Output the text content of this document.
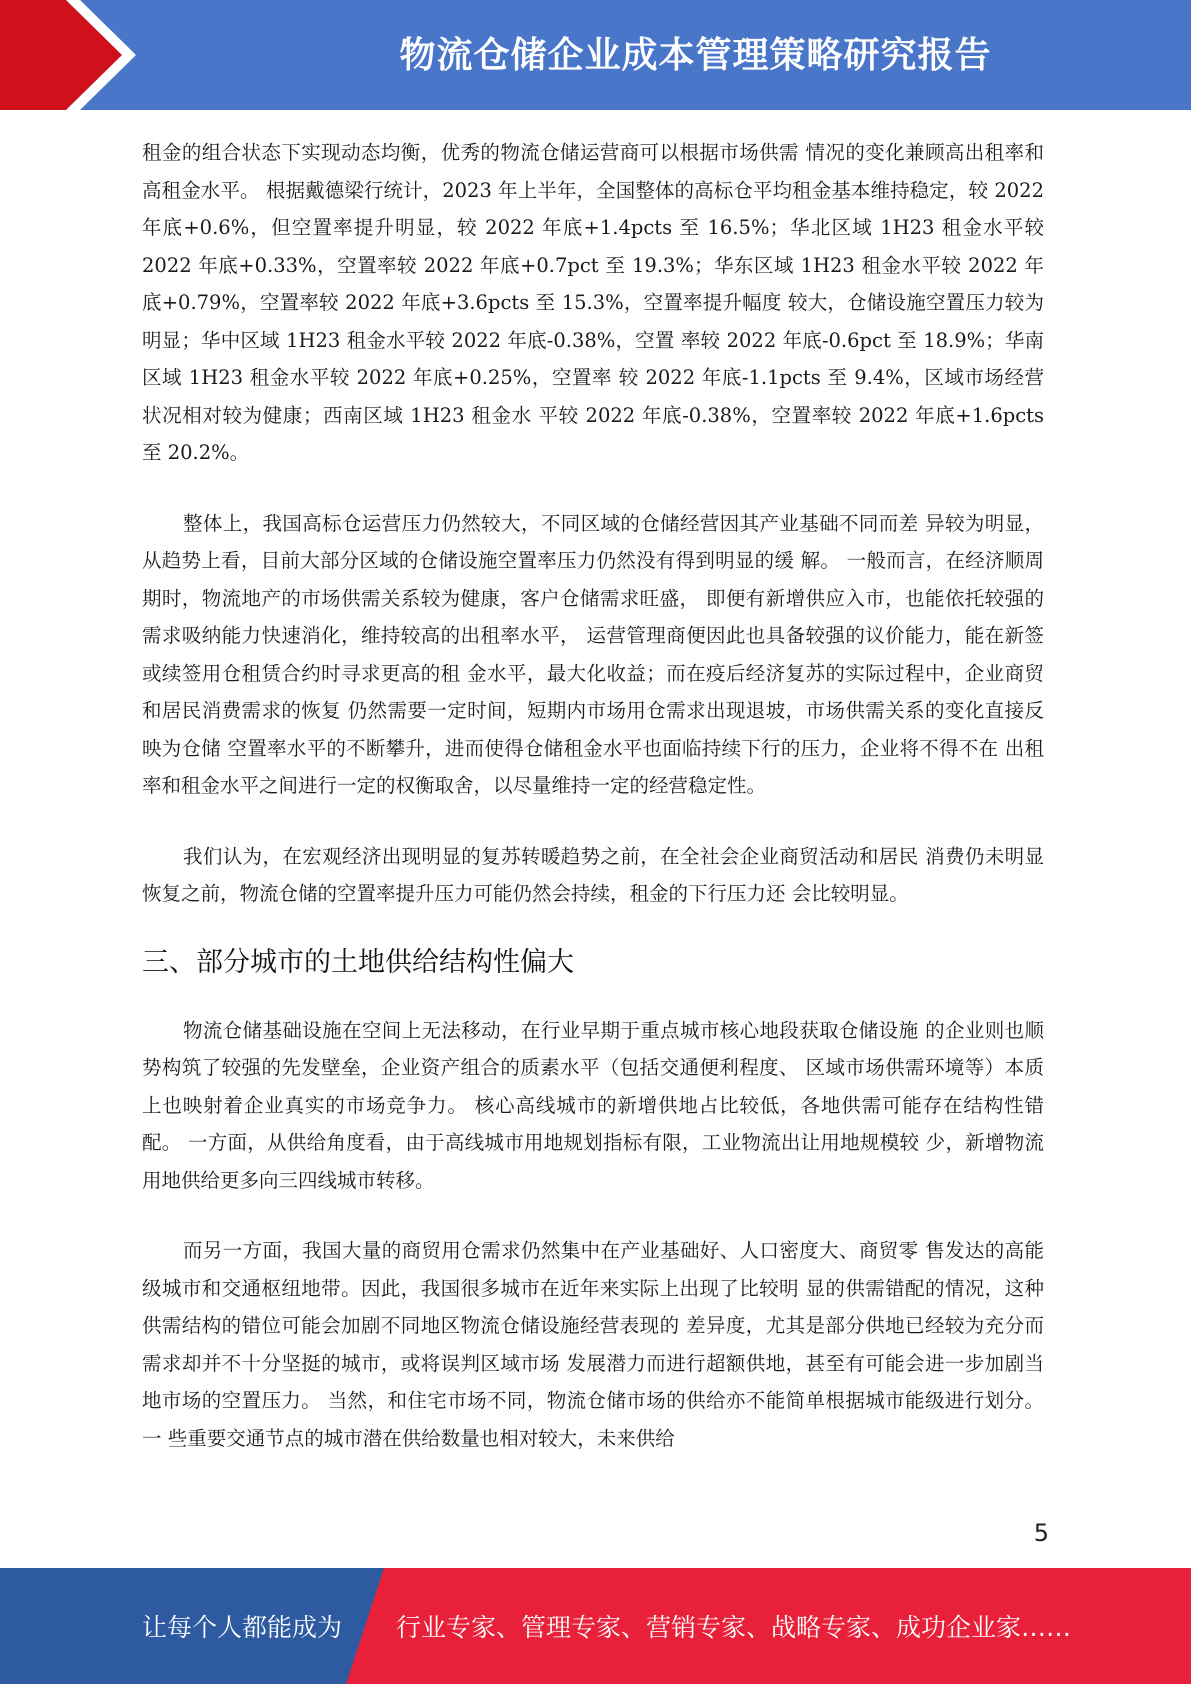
物流仓储企业成本管理策略研究报告

租金的组合状态下实现动态均衡，优秀的物流仓储运营商可以根据市场供需 情况的变化兼顾高出租率和高租金水平。 根据戴德梁行统计，2023 年上半年，全国整体的高标仓平均租金基本维持稳定，较 2022 年底+0.6%，但空置率提升明显，较 2022 年底+1.4pcts 至 16.5%；华北区域 1H23 租金水平较 2022 年底+0.33%，空置率较 2022 年底+0.7pct 至 19.3%；华东区域 1H23 租金水平较 2022 年底+0.79%，空置率较 2022 年底+3.6pcts 至 15.3%，空置率提升幅度 较大，仓储设施空置压力较为明显；华中区域 1H23 租金水平较 2022 年底-0.38%，空置 率较 2022 年底-0.6pct 至 18.9%；华南区域 1H23 租金水平较 2022 年底+0.25%，空置率 较 2022 年底-1.1pcts 至 9.4%，区域市场经营状况相对较为健康；西南区域 1H23 租金水 平较 2022 年底-0.38%，空置率较 2022 年底+1.6pcts 至 20.2%。

整体上，我国高标仓运营压力仍然较大，不同区域的仓储经营因其产业基础不同而差 异较为明显，从趋势上看，目前大部分区域的仓储设施空置率压力仍然没有得到明显的缓 解。 一般而言，在经济顺周期时，物流地产的市场供需关系较为健康，客户仓储需求旺盛， 即便有新增供应入市，也能依托较强的需求吸纳能力快速消化，维持较高的出租率水平， 运营管理商便因此也具备较强的议价能力，能在新签或续签用仓租赁合约时寻求更高的租 金水平，最大化收益；而在疫后经济复苏的实际过程中，企业商贸和居民消费需求的恢复 仍然需要一定时间，短期内市场用仓需求出现退坡，市场供需关系的变化直接反映为仓储 空置率水平的不断攀升，进而使得仓储租金水平也面临持续下行的压力，企业将不得不在 出租率和租金水平之间进行一定的权衡取舍，以尽量维持一定的经营稳定性。

我们认为，在宏观经济出现明显的复苏转暖趋势之前，在全社会企业商贸活动和居民 消费仍未明显恢复之前，物流仓储的空置率提升压力可能仍然会持续，租金的下行压力还 会比较明显。

三、部分城市的土地供给结构性偏大

物流仓储基础设施在空间上无法移动，在行业早期于重点城市核心地段获取仓储设施 的企业则也顺势构筑了较强的先发壁垒，企业资产组合的质素水平（包括交通便利程度、 区域市场供需环境等）本质上也映射着企业真实的市场竞争力。 核心高线城市的新增供地占比较低，各地供需可能存在结构性错配。 一方面，从供给角度看，由于高线城市用地规划指标有限，工业物流出让用地规模较 少，新增物流用地供给更多向三四线城市转移。

而另一方面，我国大量的商贸用仓需求仍然集中在产业基础好、人口密度大、商贸零 售发达的高能级城市和交通枢纽地带。因此，我国很多城市在近年来实际上出现了比较明 显的供需错配的情况，这种供需结构的错位可能会加剧不同地区物流仓储设施经营表现的 差异度，尤其是部分供地已经较为充分而需求却并不十分坚挺的城市，或将误判区域市场 发展潜力而进行超额供地，甚至有可能会进一步加剧当地市场的空置压力。 当然，和住宅市场不同，物流仓储市场的供给亦不能简单根据城市能级进行划分。一 些重要交通节点的城市潜在供给数量也相对较大，未来供给

5
让每个人都能成为 行业专家、管理专家、营销专家、战略专家、成功企业家……
